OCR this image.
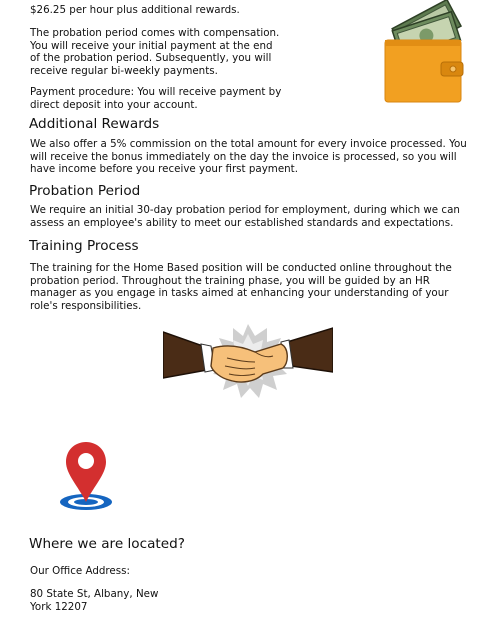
$26.25 per hour plus additional rewards.

The probation period comes with compensation. You will receive your initial payment at the end of the probation period. Subsequently, you will receive regular bi-weekly payments.

Payment procedure: You will receive payment by direct deposit into your account.

Additional Rewards

We also offer a 5% commission on the total amount for every invoice processed. You will receive the bonus immediately on the day the invoice is processed, so you will have income before you receive your first payment.

Probation Period

We require an initial 30-day probation period for employment, during which we can assess an employee's ability to meet our established standards and expectations.

Training Process

The training for the Home Based position will be conducted online throughout the probation period. Throughout the training phase, you will be guided by an HR manager as you engage in tasks aimed at enhancing your understanding of your role's responsibilities.

Where we are located?

Our Office Address:

80 State St, Albany, New York 12207
